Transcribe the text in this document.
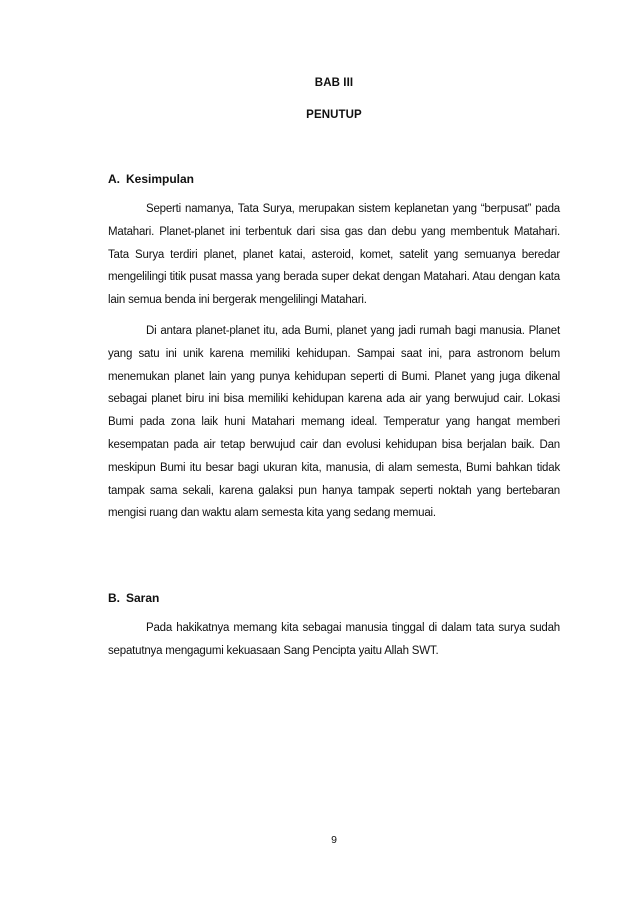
BAB III
PENUTUP
A. Kesimpulan

Seperti namanya, Tata Surya, merupakan sistem keplanetan yang “berpusat” pada Matahari. Planet-planet ini terbentuk dari sisa gas dan debu yang membentuk Matahari. Tata Surya terdiri planet, planet katai, asteroid, komet, satelit yang semuanya beredar mengelilingi titik pusat massa yang berada super dekat dengan Matahari. Atau dengan kata lain semua benda ini bergerak mengelilingi Matahari.

Di antara planet-planet itu, ada Bumi, planet yang jadi rumah bagi manusia. Planet yang satu ini unik karena memiliki kehidupan. Sampai saat ini, para astronom belum menemukan planet lain yang punya kehidupan seperti di Bumi. Planet yang juga dikenal sebagai planet biru ini bisa memiliki kehidupan karena ada air yang berwujud cair. Lokasi Bumi pada zona laik huni Matahari memang ideal. Temperatur yang hangat memberi kesempatan pada air tetap berwujud cair dan evolusi kehidupan bisa berjalan baik. Dan meskipun Bumi itu besar bagi ukuran kita, manusia, di alam semesta, Bumi bahkan tidak tampak sama sekali, karena galaksi pun hanya tampak seperti noktah yang bertebaran mengisi ruang dan waktu alam semesta kita yang sedang memuai.

B. Saran

Pada hakikatnya memang kita sebagai manusia tinggal di dalam tata surya sudah sepatutnya mengagumi kekuasaan Sang Pencipta yaitu Allah SWT.

9
